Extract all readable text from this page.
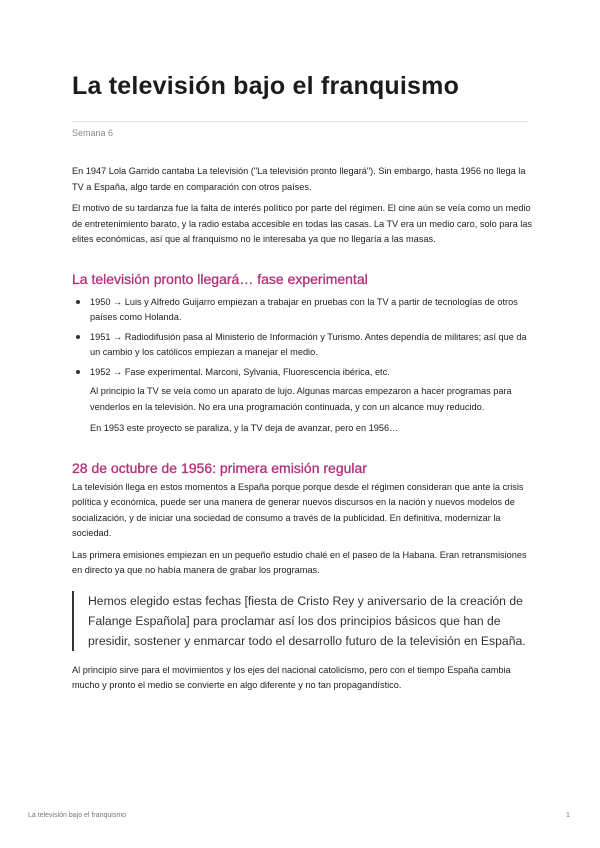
La televisión bajo el franquismo
Semana 6

En 1947 Lola Garrido cantaba La televisión ("La televisión pronto llegará"). Sin embargo, hasta 1956 no llega la TV a España, algo tarde en comparación con otros países.

El motivo de su tardanza fue la falta de interés político por parte del régimen. El cine aún se veía como un medio de entretenimiento barato, y la radio estaba accesible en todas las casas. La TV era un medio caro, solo para las elites económicas, así que al franquismo no le interesaba ya que no llegaría a las masas.

La televisión pronto llegará… fase experimental

1950 → Luis y Alfredo Guijarro empiezan a trabajar en pruebas con la TV a partir de tecnologías de otros países como Holanda.

1951 → Radiodifusión pasa al Ministerio de Información y Turismo. Antes dependía de militares; así que da un cambio y los católicos empiezan a manejar el medio.

1952 → Fase experimental. Marconi, Sylvania, Fluorescencia ibérica, etc.

Al principio la TV se veía como un aparato de lujo. Algunas marcas empezaron a hacer programas para venderlos en la televisión. No era una programación continuada, y con un alcance muy reducido.

En 1953 este proyecto se paraliza, y la TV deja de avanzar, pero en 1956…

28 de octubre de 1956: primera emisión regular

La televisión llega en estos momentos a España porque porque desde el régimen consideran que ante la crisis política y económica, puede ser una manera de generar nuevos discursos en la nación y nuevos modelos de socialización, y de iniciar una sociedad de consumo a través de la publicidad. En definitiva, modernizar la sociedad.

Las primera emisiones empiezan en un pequeño estudio chalé en el paseo de la Habana. Eran retransmisiones en directo ya que no había manera de grabar los programas.

Hemos elegido estas fechas [fiesta de Cristo Rey y aniversario de la creación de Falange Española] para proclamar así los dos principios básicos que han de presidir, sostener y enmarcar todo el desarrollo futuro de la televisión en España.

Al principio sirve para el movimientos y los ejes del nacional catolicismo, pero con el tiempo España cambia mucho y pronto el medio se convierte en algo diferente y no tan propagandístico.

La televisión bajo el franquismo	1
